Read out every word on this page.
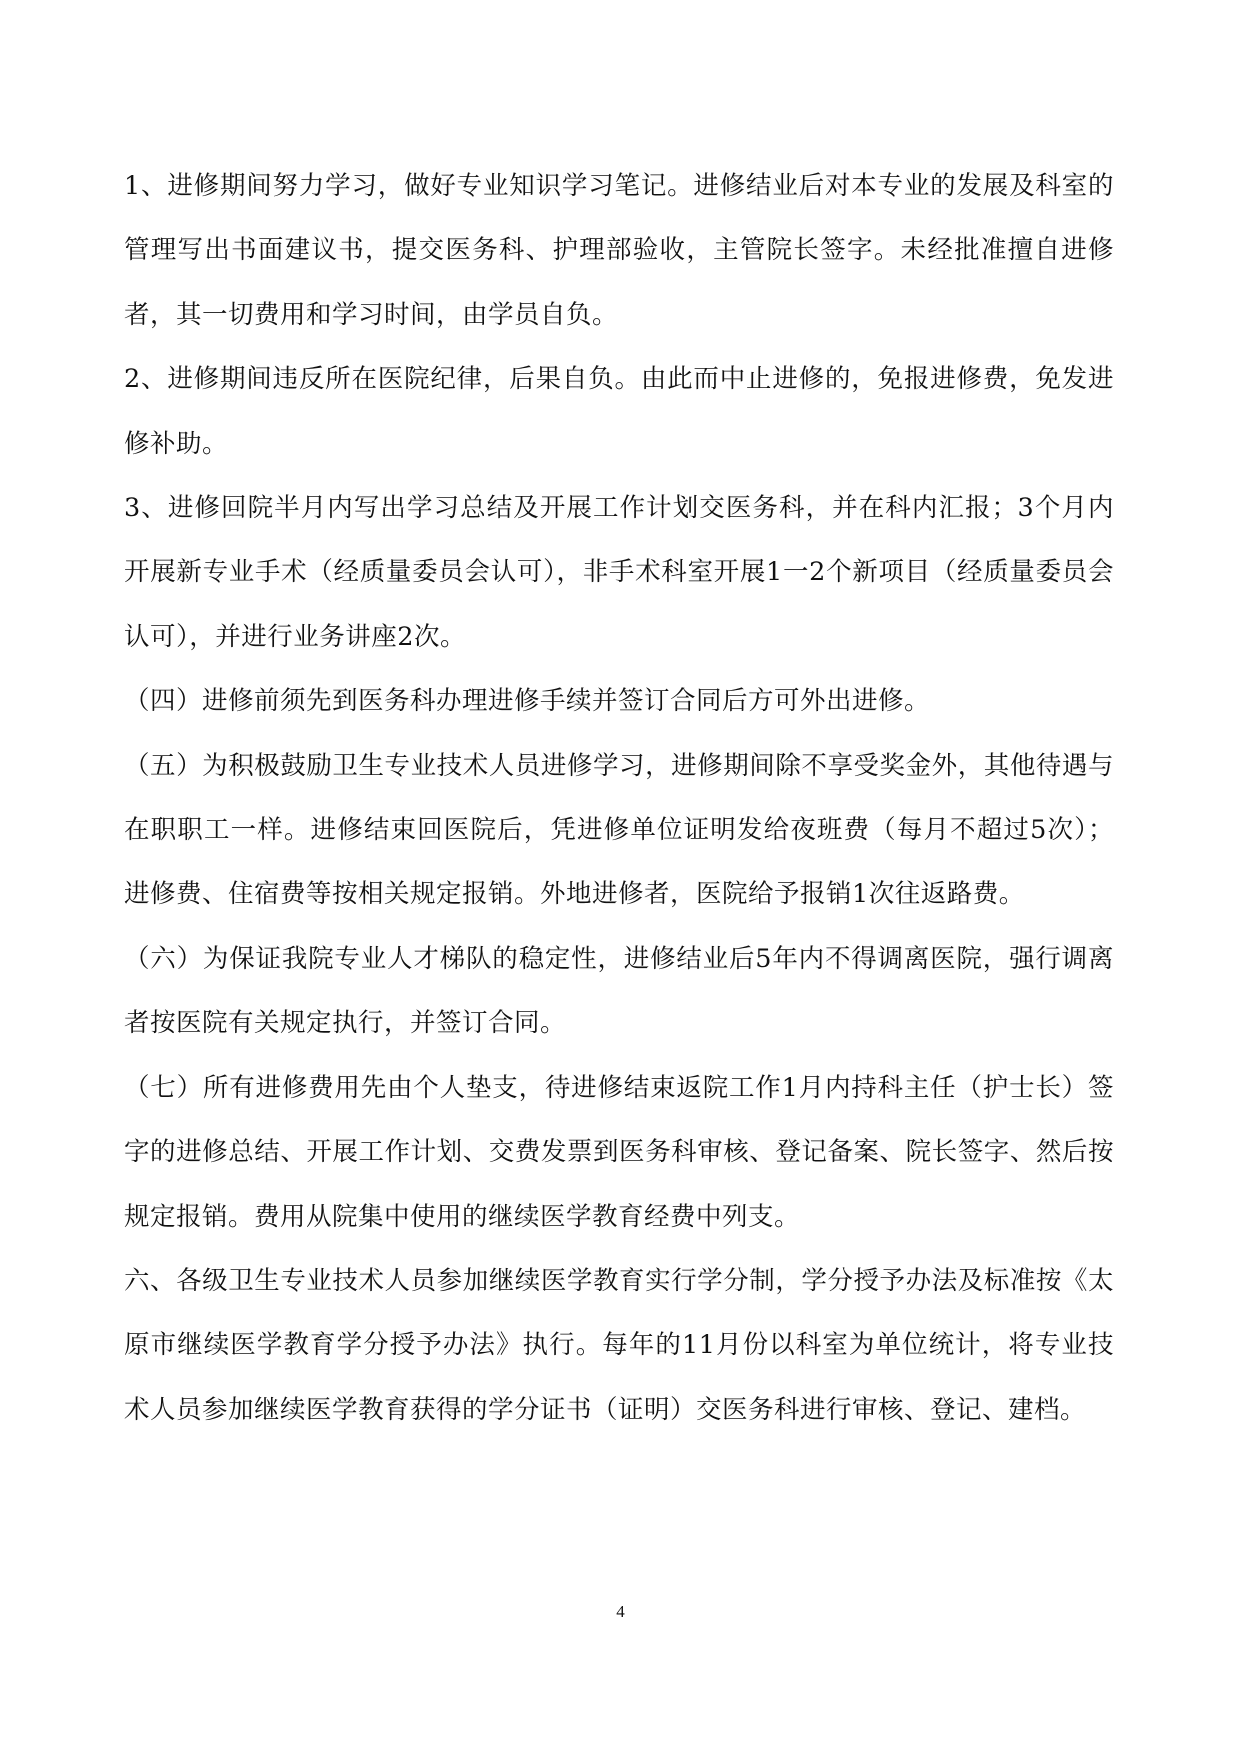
1、进修期间努力学习，做好专业知识学习笔记。进修结业后对本专业的发展及科室的管理写出书面建议书，提交医务科、护理部验收，主管院长签字。未经批准擅自进修者，其一切费用和学习时间，由学员自负。

2、进修期间违反所在医院纪律，后果自负。由此而中止进修的，免报进修费，免发进修补助。

3、进修回院半月内写出学习总结及开展工作计划交医务科，并在科内汇报；3个月内开展新专业手术（经质量委员会认可），非手术科室开展1一2个新项目（经质量委员会认可），并进行业务讲座2次。

（四）进修前须先到医务科办理进修手续并签订合同后方可外出进修。

（五）为积极鼓励卫生专业技术人员进修学习，进修期间除不享受奖金外，其他待遇与在职职工一样。进修结束回医院后，凭进修单位证明发给夜班费（每月不超过5次）；进修费、住宿费等按相关规定报销。外地进修者，医院给予报销1次往返路费。

（六）为保证我院专业人才梯队的稳定性，进修结业后5年内不得调离医院，强行调离者按医院有关规定执行，并签订合同。

（七）所有进修费用先由个人垫支，待进修结束返院工作1月内持科主任（护士长）签字的进修总结、开展工作计划、交费发票到医务科审核、登记备案、院长签字、然后按规定报销。费用从院集中使用的继续医学教育经费中列支。

六、各级卫生专业技术人员参加继续医学教育实行学分制，学分授予办法及标准按《太原市继续医学教育学分授予办法》执行。每年的11月份以科室为单位统计，将专业技术人员参加继续医学教育获得的学分证书（证明）交医务科进行审核、登记、建档。

4
